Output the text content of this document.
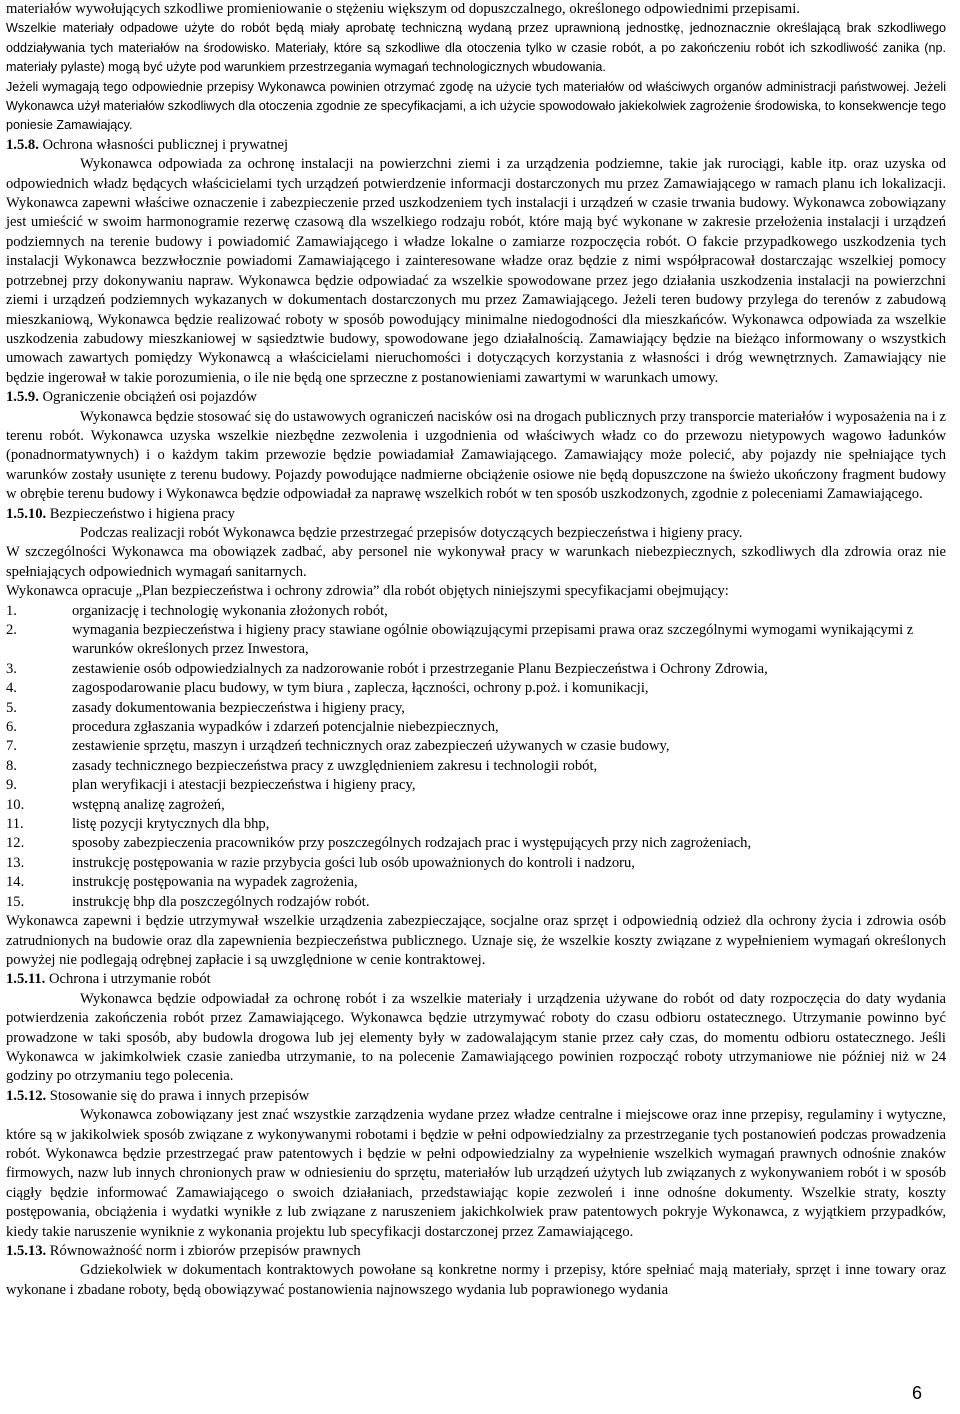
materiałów wywołujących szkodliwe promieniowanie o stężeniu większym od dopuszczalnego, określonego odpowiednimi przepisami.

Wszelkie materiały odpadowe użyte do robót będą miały aprobatę techniczną wydaną przez uprawnioną jednostkę, jednoznacznie określającą brak szkodliwego oddziaływania tych materiałów na środowisko. Materiały, które są szkodliwe dla otoczenia tylko w czasie robót, a po zakończeniu robót ich szkodliwość zanika (np. materiały pylaste) mogą być użyte pod warunkiem przestrzegania wymagań technologicznych wbudowania.

Jeżeli wymagają tego odpowiednie przepisy Wykonawca powinien otrzymać zgodę na użycie tych materiałów od właściwych organów administracji państwowej. Jeżeli Wykonawca użył materiałów szkodliwych dla otoczenia zgodnie ze specyfikacjami, a ich użycie spowodowało jakiekolwiek zagrożenie środowiska, to konsekwencje tego poniesie Zamawiający.

1.5.8. Ochrona własności publicznej i prywatnej

Wykonawca odpowiada za ochronę instalacji na powierzchni ziemi i za urządzenia podziemne, takie jak rurociągi, kable itp. oraz uzyska od odpowiednich władz będących właścicielami tych urządzeń potwierdzenie informacji dostarczonych mu przez Zamawiającego w ramach planu ich lokalizacji. Wykonawca zapewni właściwe oznaczenie i zabezpieczenie przed uszkodzeniem tych instalacji i urządzeń w czasie trwania budowy. Wykonawca zobowiązany jest umieścić w swoim harmonogramie rezerwę czasową dla wszelkiego rodzaju robót, które mają być wykonane w zakresie przełożenia instalacji i urządzeń podziemnych na terenie budowy i powiadomić Zamawiającego i władze lokalne o zamiarze rozpoczęcia robót. O fakcie przypadkowego uszkodzenia tych instalacji Wykonawca bezzwłocznie powiadomi Zamawiającego i zainteresowane władze oraz będzie z nimi współpracował dostarczając wszelkiej pomocy potrzebnej przy dokonywaniu napraw. Wykonawca będzie odpowiadać za wszelkie spowodowane przez jego działania uszkodzenia instalacji na powierzchni ziemi i urządzeń podziemnych wykazanych w dokumentach dostarczonych mu przez Zamawiającego. Jeżeli teren budowy przylega do terenów z zabudową mieszkaniową, Wykonawca będzie realizować roboty w sposób powodujący minimalne niedogodności dla mieszkańców. Wykonawca odpowiada za wszelkie uszkodzenia zabudowy mieszkaniowej w sąsiedztwie budowy, spowodowane jego działalnością. Zamawiający będzie na bieżąco informowany o wszystkich umowach zawartych pomiędzy Wykonawcą a właścicielami nieruchomości i dotyczących korzystania z własności i dróg wewnętrznych. Zamawiający nie będzie ingerował w takie porozumienia, o ile nie będą one sprzeczne z postanowieniami zawartymi w warunkach umowy.

1.5.9. Ograniczenie obciążeń osi pojazdów

Wykonawca będzie stosować się do ustawowych ograniczeń nacisków osi na drogach publicznych przy transporcie materiałów i wyposażenia na i z terenu robót. Wykonawca uzyska wszelkie niezbędne zezwolenia i uzgodnienia od właściwych władz co do przewozu nietypowych wagowo ładunków (ponadnormatywnych) i o każdym takim przewozie będzie powiadamiał Zamawiającego. Zamawiający może polecić, aby pojazdy nie spełniające tych warunków zostały usunięte z terenu budowy. Pojazdy powodujące nadmierne obciążenie osiowe nie będą dopuszczone na świeżo ukończony fragment budowy w obrębie terenu budowy i Wykonawca będzie odpowiadał za naprawę wszelkich robót w ten sposób uszkodzonych, zgodnie z poleceniami Zamawiającego.

1.5.10. Bezpieczeństwo i higiena pracy

Podczas realizacji robót Wykonawca będzie przestrzegać przepisów dotyczących bezpieczeństwa i higieny pracy.

W szczególności Wykonawca ma obowiązek zadbać, aby personel nie wykonywał pracy w warunkach niebezpiecznych, szkodliwych dla zdrowia oraz nie spełniających odpowiednich wymagań sanitarnych.

Wykonawca opracuje „Plan bezpieczeństwa i ochrony zdrowia” dla robót objętych niniejszymi specyfikacjami obejmujący:

1.	organizację i technologię wykonania złożonych robót,
2.	wymagania bezpieczeństwa i higieny pracy stawiane ogólnie obowiązującymi przepisami prawa oraz szczególnymi wymogami wynikającymi z warunków określonych przez Inwestora,
3.	zestawienie osób odpowiedzialnych za nadzorowanie robót i przestrzeganie Planu Bezpieczeństwa i Ochrony Zdrowia,
4.	zagospodarowanie placu budowy, w tym biura , zaplecza, łączności, ochrony p.poż. i komunikacji,
5.	zasady dokumentowania bezpieczeństwa i higieny pracy,
6.	procedura zgłaszania wypadków i zdarzeń potencjalnie niebezpiecznych,
7.	zestawienie sprzętu, maszyn i urządzeń technicznych oraz zabezpieczeń używanych w czasie budowy,
8.	zasady technicznego bezpieczeństwa pracy z uwzględnieniem zakresu i technologii robót,
9.	plan weryfikacji i atestacji bezpieczeństwa i higieny pracy,
10.	wstępną analizę zagrożeń,
11.	listę pozycji krytycznych dla bhp,
12.	sposoby zabezpieczenia pracowników przy poszczególnych rodzajach prac i występujących przy nich zagrożeniach,
13.	instrukcję postępowania w razie przybycia gości lub osób upoważnionych do kontroli i nadzoru,
14.	instrukcję postępowania na wypadek zagrożenia,
15.	instrukcję bhp dla poszczególnych rodzajów robót.

Wykonawca zapewni i będzie utrzymywał wszelkie urządzenia zabezpieczające, socjalne oraz sprzęt i odpowiednią odzież dla ochrony życia i zdrowia osób zatrudnionych na budowie oraz dla zapewnienia bezpieczeństwa publicznego. Uznaje się, że wszelkie koszty związane z wypełnieniem wymagań określonych powyżej nie podlegają odrębnej zapłacie i są uwzględnione w cenie kontraktowej.

1.5.11. Ochrona i utrzymanie robót

Wykonawca będzie odpowiadał za ochronę robót i za wszelkie materiały i urządzenia używane do robót od daty rozpoczęcia do daty wydania potwierdzenia zakończenia robót przez Zamawiającego. Wykonawca będzie utrzymywać roboty do czasu odbioru ostatecznego. Utrzymanie powinno być prowadzone w taki sposób, aby budowla drogowa lub jej elementy były w zadowalającym stanie przez cały czas, do momentu odbioru ostatecznego. Jeśli Wykonawca w jakimkolwiek czasie zaniedba utrzymanie, to na polecenie Zamawiającego powinien rozpocząć roboty utrzymaniowe nie później niż w 24 godziny po otrzymaniu tego polecenia.

1.5.12. Stosowanie się do prawa i innych przepisów

Wykonawca zobowiązany jest znać wszystkie zarządzenia wydane przez władze centralne i miejscowe oraz inne przepisy, regulaminy i wytyczne, które są w jakikolwiek sposób związane z wykonywanymi robotami i będzie w pełni odpowiedzialny za przestrzeganie tych postanowień podczas prowadzenia robót. Wykonawca będzie przestrzegać praw patentowych i będzie w pełni odpowiedzialny za wypełnienie wszelkich wymagań prawnych odnośnie znaków firmowych, nazw lub innych chronionych praw w odniesieniu do sprzętu, materiałów lub urządzeń użytych lub związanych z wykonywaniem robót i w sposób ciągły będzie informować Zamawiającego o swoich działaniach, przedstawiając kopie zezwoleń i inne odnośne dokumenty. Wszelkie straty, koszty postępowania, obciążenia i wydatki wynikłe z lub związane z naruszeniem jakichkolwiek praw patentowych pokryje Wykonawca, z wyjątkiem przypadków, kiedy takie naruszenie wyniknie z wykonania projektu lub specyfikacji dostarczonej przez Zamawiającego.

1.5.13. Równoważność norm i zbiorów przepisów prawnych

Gdziekolwiek w dokumentach kontraktowych powołane są konkretne normy i przepisy, które spełniać mają materiały, sprzęt i inne towary oraz wykonane i zbadane roboty, będą obowiązywać postanowienia najnowszego wydania lub poprawionego wydania

6
